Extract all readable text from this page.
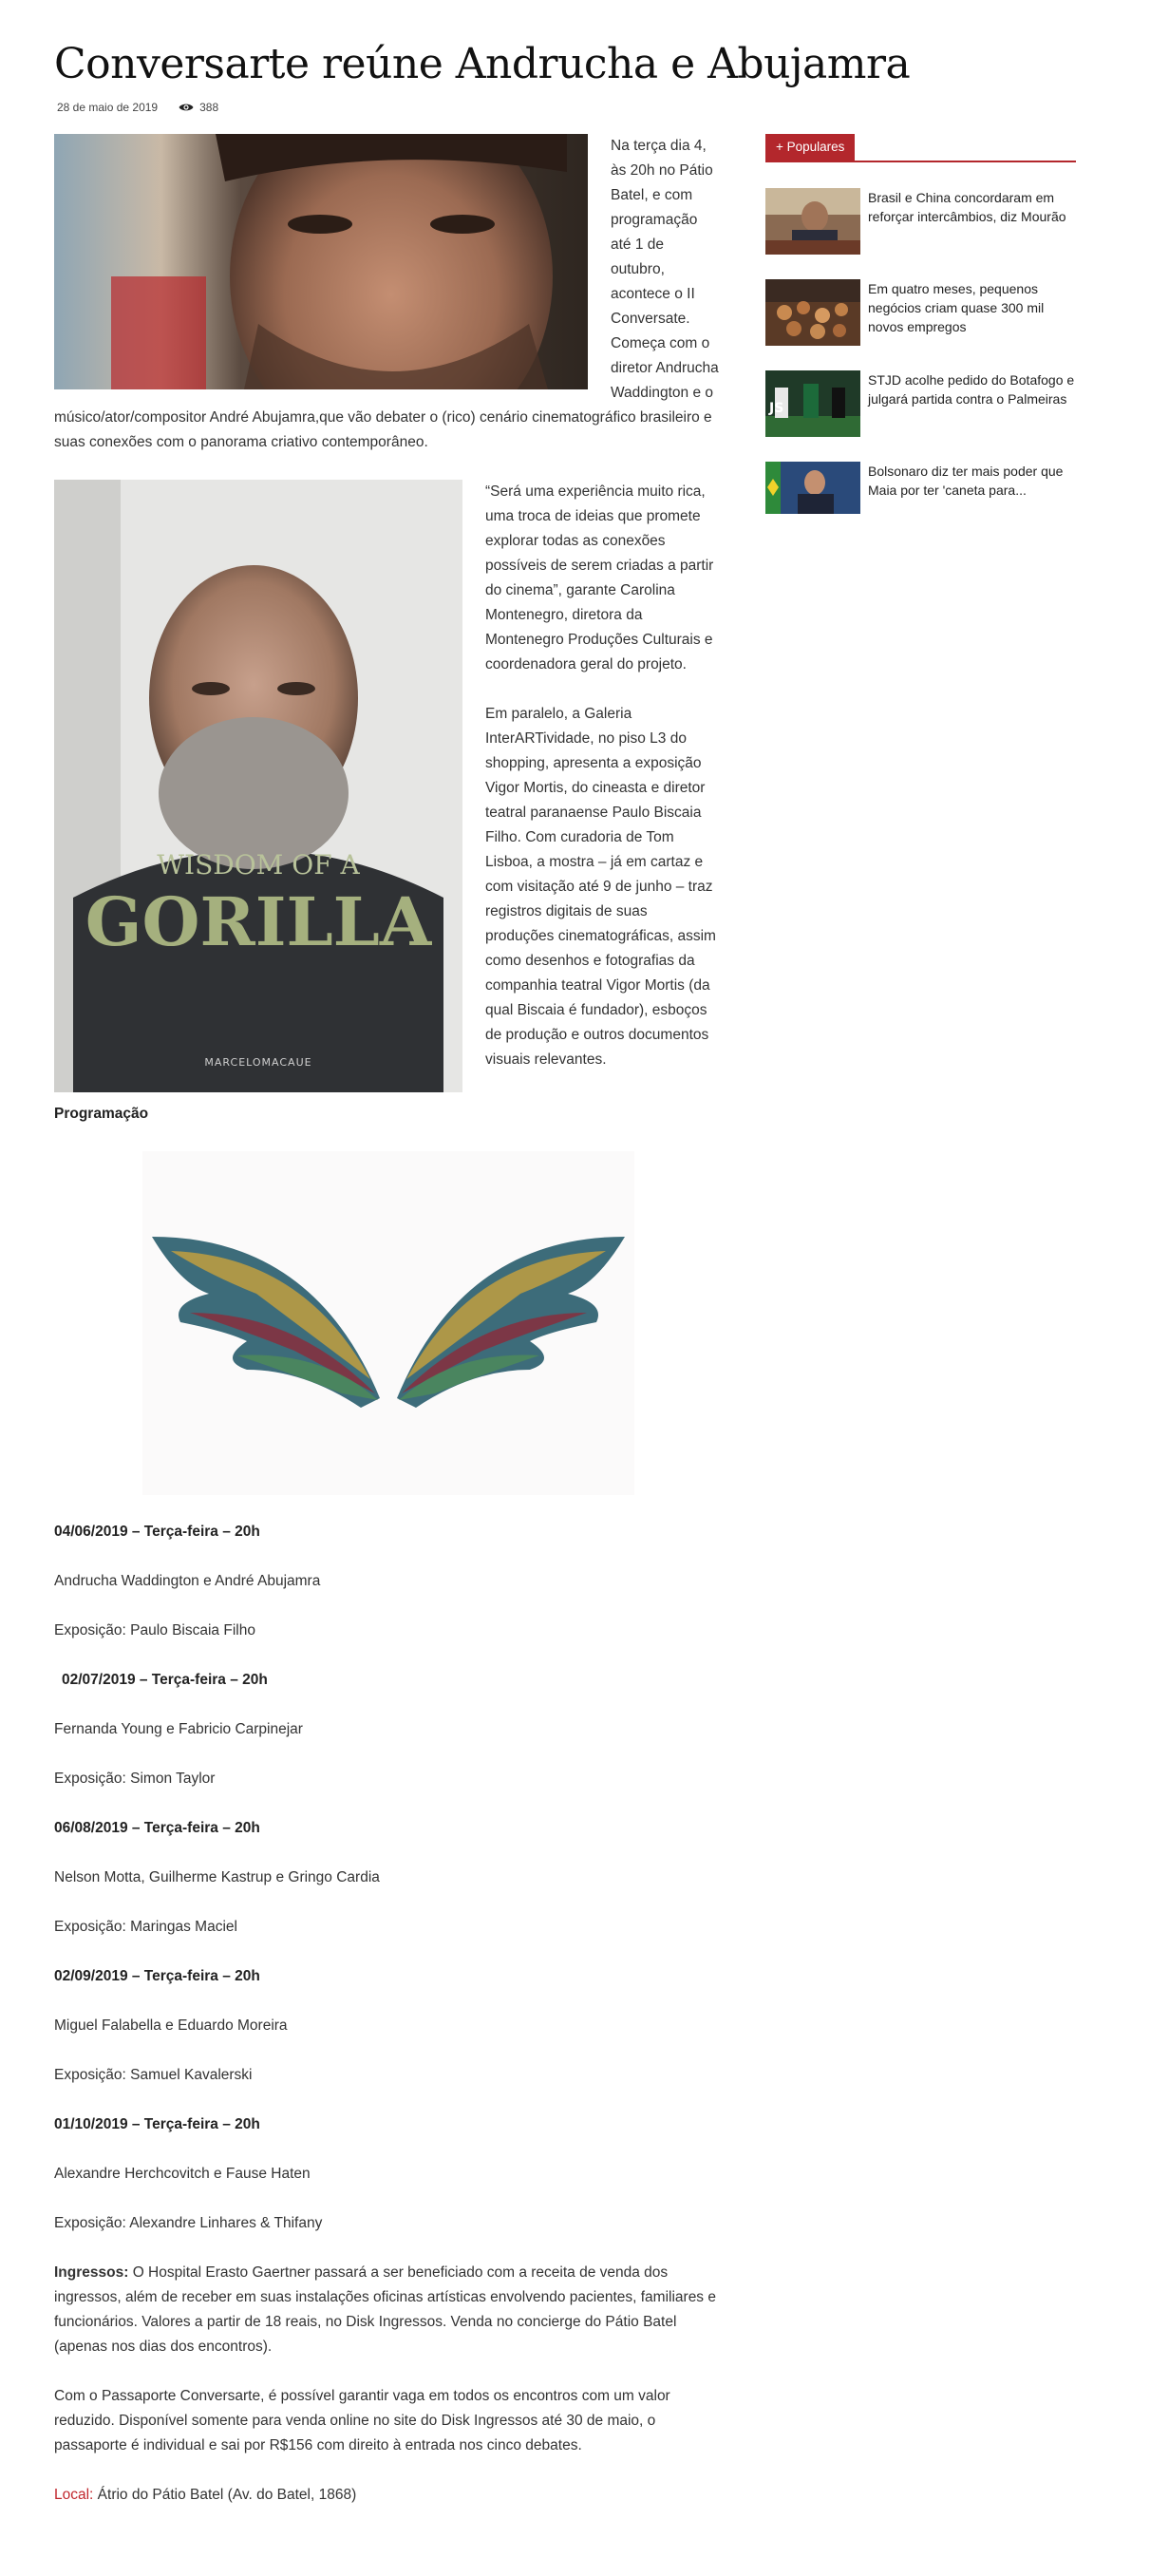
Conversarte reúne Andrucha e Abujamra
28 de maio de 2019	388

Na terça dia 4, às 20h no Pátio Batel, e com programação até 1 de outubro, acontece o II Conversate. Começa com o diretor Andrucha Waddington e o músico/ator/compositor André Abujamra,que vão debater o (rico) cenário cinematográfico brasileiro e suas conexões com o panorama criativo contemporâneo.

WISDOM OF A
GORILLA
MARCELOMACAUE

“Será uma experiência muito rica, uma troca de ideias que promete explorar todas as conexões possíveis de serem criadas a partir do cinema”, garante Carolina Montenegro, diretora da Montenegro Produções Culturais e coordenadora geral do projeto.

Em paralelo, a Galeria InterARTividade, no piso L3 do shopping, apresenta a exposição Vigor Mortis, do cineasta e diretor teatral paranaense Paulo Biscaia Filho. Com curadoria de Tom Lisboa, a mostra – já em cartaz e com visitação até 9 de junho – traz registros digitais de suas produções cinematográficas, assim como desenhos e fotografias da companhia teatral Vigor Mortis (da qual Biscaia é fundador), esboços de produção e outros documentos visuais relevantes.

Programação

04/06/2019 – Terça-feira – 20h

Andrucha Waddington e André Abujamra

Exposição: Paulo Biscaia Filho

02/07/2019 – Terça-feira – 20h

Fernanda Young e Fabricio Carpinejar

Exposição: Simon Taylor

06/08/2019 – Terça-feira – 20h

Nelson Motta, Guilherme Kastrup e Gringo Cardia

Exposição: Maringas Maciel

02/09/2019 – Terça-feira – 20h

Miguel Falabella e Eduardo Moreira

Exposição: Samuel Kavalerski

01/10/2019 – Terça-feira – 20h

Alexandre Herchcovitch e Fause Haten

Exposição: Alexandre Linhares & Thifany

Ingressos: O Hospital Erasto Gaertner passará a ser beneficiado com a receita de venda dos ingressos, além de receber em suas instalações oficinas artísticas envolvendo pacientes, familiares e funcionários. Valores a partir de 18 reais, no Disk Ingressos. Venda no concierge do Pátio Batel (apenas nos dias dos encontros).

Com o Passaporte Conversarte, é possível garantir vaga em todos os encontros com um valor reduzido. Disponível somente para venda online no site do Disk Ingressos até 30 de maio, o passaporte é individual e sai por R$156 com direito à entrada nos cinco debates.

Local: Átrio do Pátio Batel (Av. do Batel, 1868)

+ Populares
Brasil e China concordaram em reforçar intercâmbios, diz Mourão
Em quatro meses, pequenos negócios criam quase 300 mil novos empregos
JS
STJD acolhe pedido do Botafogo e julgará partida contra o Palmeiras
Bolsonaro diz ter mais poder que Maia por ter 'caneta para...
